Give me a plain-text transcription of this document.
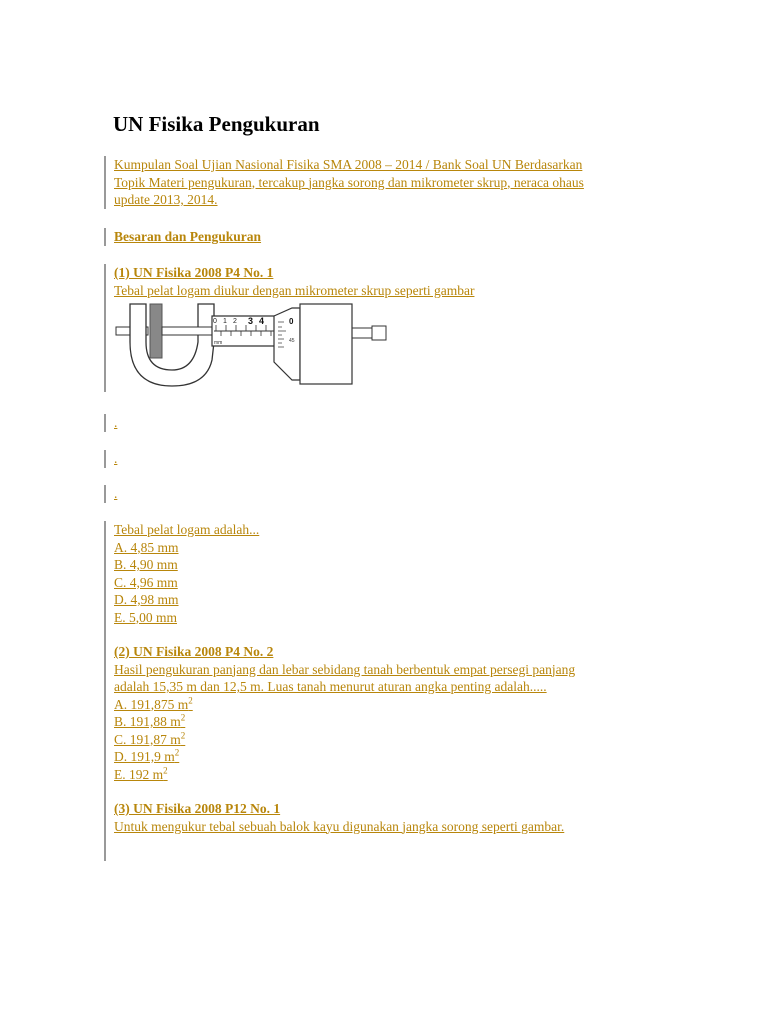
UN Fisika Pengukuran
Kumpulan Soal Ujian Nasional Fisika SMA 2008 – 2014 / Bank Soal UN Berdasarkan
Topik Materi pengukuran, tercakup jangka sorong dan mikrometer skrup, neraca ohaus
update 2013, 2014.
Besaran dan Pengukuran
(1) UN Fisika 2008 P4 No. 1
Tebal pelat logam diukur dengan mikrometer skrup seperti gambar
0 1 2 3 4
mm
0
45
.
.
.
Tebal pelat logam adalah...
A. 4,85 mm
B. 4,90 mm
C. 4,96 mm
D. 4,98 mm
E. 5,00 mm
(2) UN Fisika 2008 P4 No. 2
Hasil pengukuran panjang dan lebar sebidang tanah berbentuk empat persegi panjang
adalah 15,35 m dan 12,5 m. Luas tanah menurut aturan angka penting adalah.....
A. 191,875 $m^2$
B. 191,88 $m^2$
C. 191,87 $m^2$
D. 191,9 $m^2$
E. 192 $m^2$
(3) UN Fisika 2008 P12 No. 1
Untuk mengukur tebal sebuah balok kayu digunakan jangka sorong seperti gambar.
